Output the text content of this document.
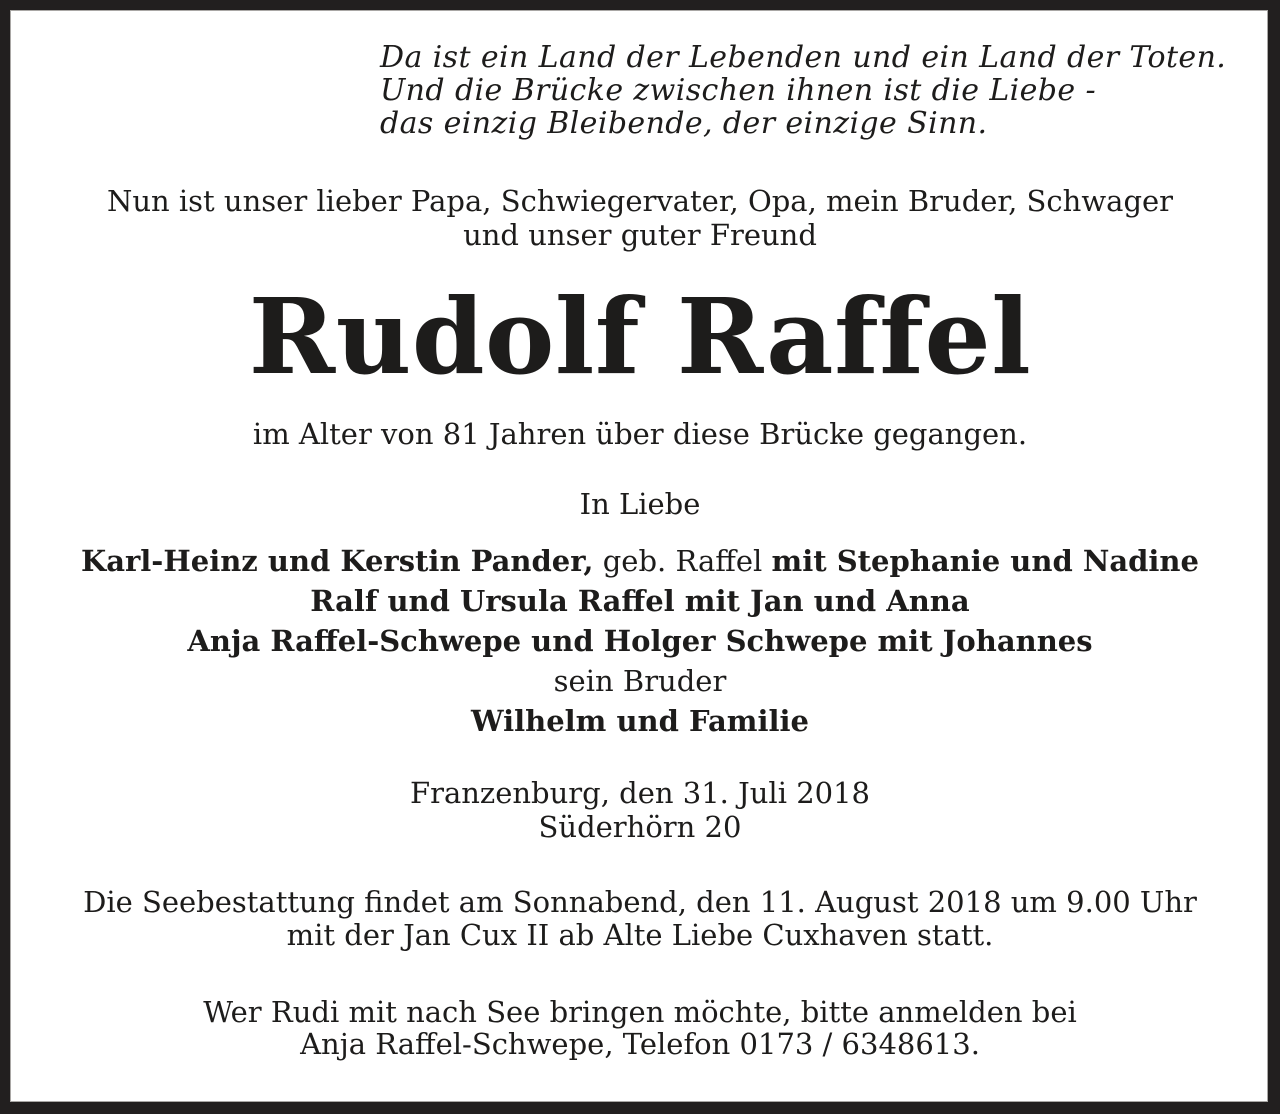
Da ist ein Land der Lebenden und ein Land der Toten.
Und die Brücke zwischen ihnen ist die Liebe -
das einzig Bleibende, der einzige Sinn.
Nun ist unser lieber Papa, Schwiegervater, Opa, mein Bruder, Schwager
und unser guter Freund
Rudolf Raffel
im Alter von 81 Jahren über diese Brücke gegangen.
In Liebe
Karl-Heinz und Kerstin Pander, geb. Raffel mit Stephanie und Nadine
Ralf und Ursula Raffel mit Jan und Anna
Anja Raffel-Schwepe und Holger Schwepe mit Johannes
sein Bruder
Wilhelm und Familie
Franzenburg, den 31. Juli 2018
Süderhörn 20
Die Seebestattung findet am Sonnabend, den 11. August 2018 um 9.00 Uhr
mit der Jan Cux II ab Alte Liebe Cuxhaven statt.
Wer Rudi mit nach See bringen möchte, bitte anmelden bei
Anja Raffel-Schwepe, Telefon 0173 / 6348613.
